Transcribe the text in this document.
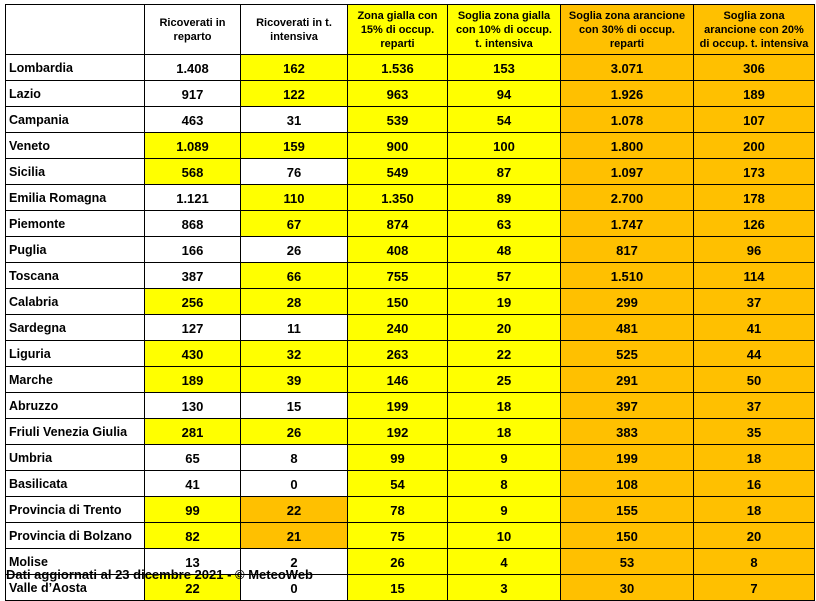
	Ricoverati in reparto	Ricoverati in t. intensiva	Zona gialla con 15% di occup. reparti	Soglia zona gialla con 10% di occup. t. intensiva	Soglia zona arancione con 30% di occup. reparti	Soglia zona arancione con 20% di occup. t. intensiva
Lombardia	1.408	162	1.536	153	3.071	306
Lazio	917	122	963	94	1.926	189
Campania	463	31	539	54	1.078	107
Veneto	1.089	159	900	100	1.800	200
Sicilia	568	76	549	87	1.097	173
Emilia Romagna	1.121	110	1.350	89	2.700	178
Piemonte	868	67	874	63	1.747	126
Puglia	166	26	408	48	817	96
Toscana	387	66	755	57	1.510	114
Calabria	256	28	150	19	299	37
Sardegna	127	11	240	20	481	41
Liguria	430	32	263	22	525	44
Marche	189	39	146	25	291	50
Abruzzo	130	15	199	18	397	37
Friuli Venezia Giulia	281	26	192	18	383	35
Umbria	65	8	99	9	199	18
Basilicata	41	0	54	8	108	16
Provincia di Trento	99	22	78	9	155	18
Provincia di Bolzano	82	21	75	10	150	20
Molise	13	2	26	4	53	8
Valle d’Aosta	22	0	15	3	30	7
Dati aggiornati al 23 dicembre 2021 - © MeteoWeb
